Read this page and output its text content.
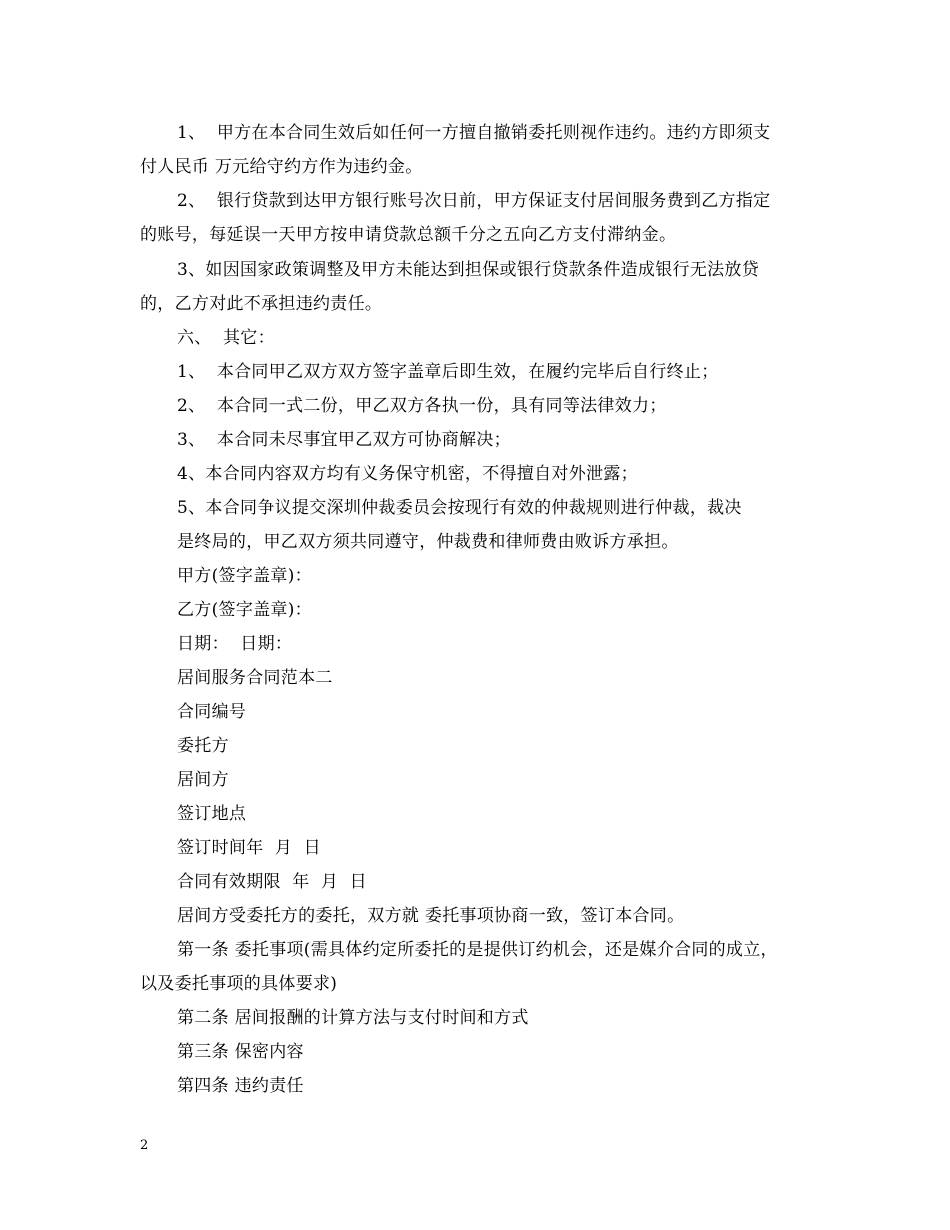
1、  甲方在本合同生效后如任何一方擅自撤销委托则视作违约。违约方即须支
付人民币 万元给守约方作为违约金。
2、  银行贷款到达甲方银行账号次日前，甲方保证支付居间服务费到乙方指定
的账号，每延误一天甲方按申请贷款总额千分之五向乙方支付滞纳金。
3、如因国家政策调整及甲方未能达到担保或银行贷款条件造成银行无法放贷
的，乙方对此不承担违约责任。
六、  其它：
1、  本合同甲乙双方双方签字盖章后即生效，在履约完毕后自行终止；
2、  本合同一式二份，甲乙双方各执一份，具有同等法律效力；
3、  本合同未尽事宜甲乙双方可协商解决；
4、本合同内容双方均有义务保守机密，不得擅自对外泄露；
5、本合同争议提交深圳仲裁委员会按现行有效的仲裁规则进行仲裁，裁决
是终局的，甲乙双方须共同遵守，仲裁费和律师费由败诉方承担。
甲方(签字盖章)：
乙方(签字盖章)：
日期：  日期：
居间服务合同范本二
合同编号
委托方
居间方
签订地点
签订时间年  月  日
合同有效期限  年  月  日
居间方受委托方的委托，双方就 委托事项协商一致，签订本合同。
第一条 委托事项(需具体约定所委托的是提供订约机会，还是媒介合同的成立，
以及委托事项的具体要求)
第二条 居间报酬的计算方法与支付时间和方式
第三条 保密内容
第四条 违约责任
2
